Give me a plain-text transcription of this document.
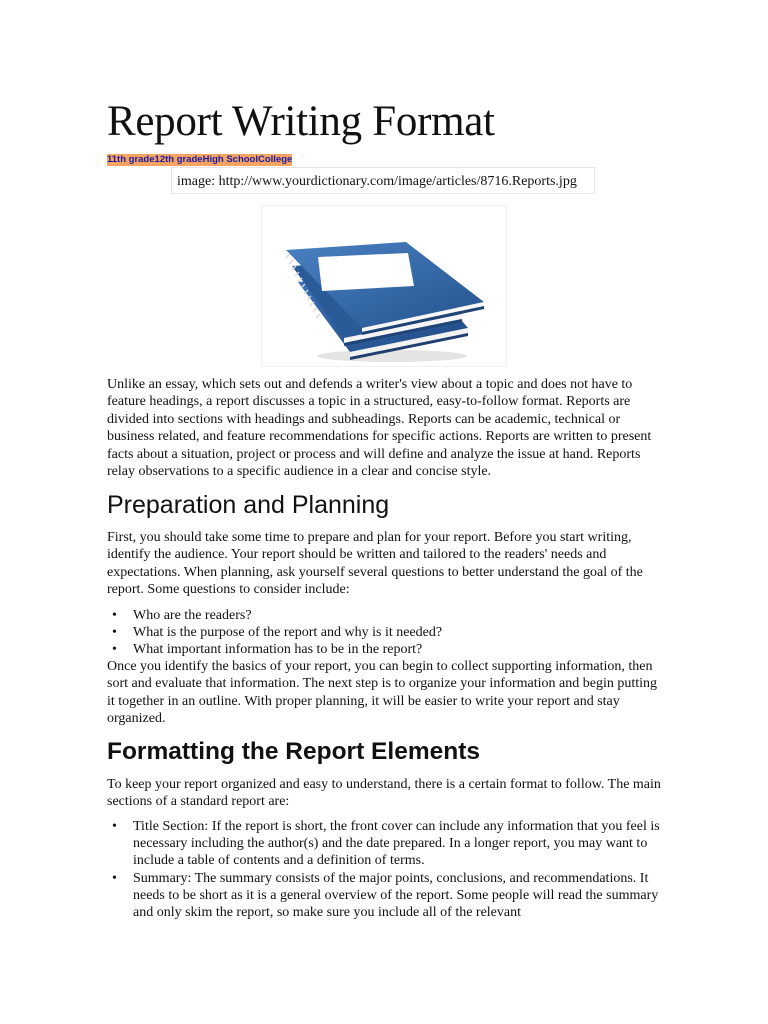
Report Writing Format
11th grade 12th grade High School College
image: http://www.yourdictionary.com/image/articles/8716.Reports.jpg

Unlike an essay, which sets out and defends a writer's view about a topic and does not have to feature headings, a report discusses a topic in a structured, easy-to-follow format. Reports are divided into sections with headings and subheadings. Reports can be academic, technical or business related, and feature recommendations for specific actions. Reports are written to present facts about a situation, project or process and will define and analyze the issue at hand. Reports relay observations to a specific audience in a clear and concise style.

Preparation and Planning

First, you should take some time to prepare and plan for your report. Before you start writing, identify the audience. Your report should be written and tailored to the readers' needs and expectations. When planning, ask yourself several questions to better understand the goal of the report. Some questions to consider include:

• Who are the readers?
• What is the purpose of the report and why is it needed?
• What important information has to be in the report?

Once you identify the basics of your report, you can begin to collect supporting information, then sort and evaluate that information. The next step is to organize your information and begin putting it together in an outline. With proper planning, it will be easier to write your report and stay organized.

Formatting the Report Elements

To keep your report organized and easy to understand, there is a certain format to follow. The main sections of a standard report are:

• Title Section: If the report is short, the front cover can include any information that you feel is necessary including the author(s) and the date prepared. In a longer report, you may want to include a table of contents and a definition of terms.
• Summary: The summary consists of the major points, conclusions, and recommendations. It needs to be short as it is a general overview of the report. Some people will read the summary and only skim the report, so make sure you include all of the relevant
